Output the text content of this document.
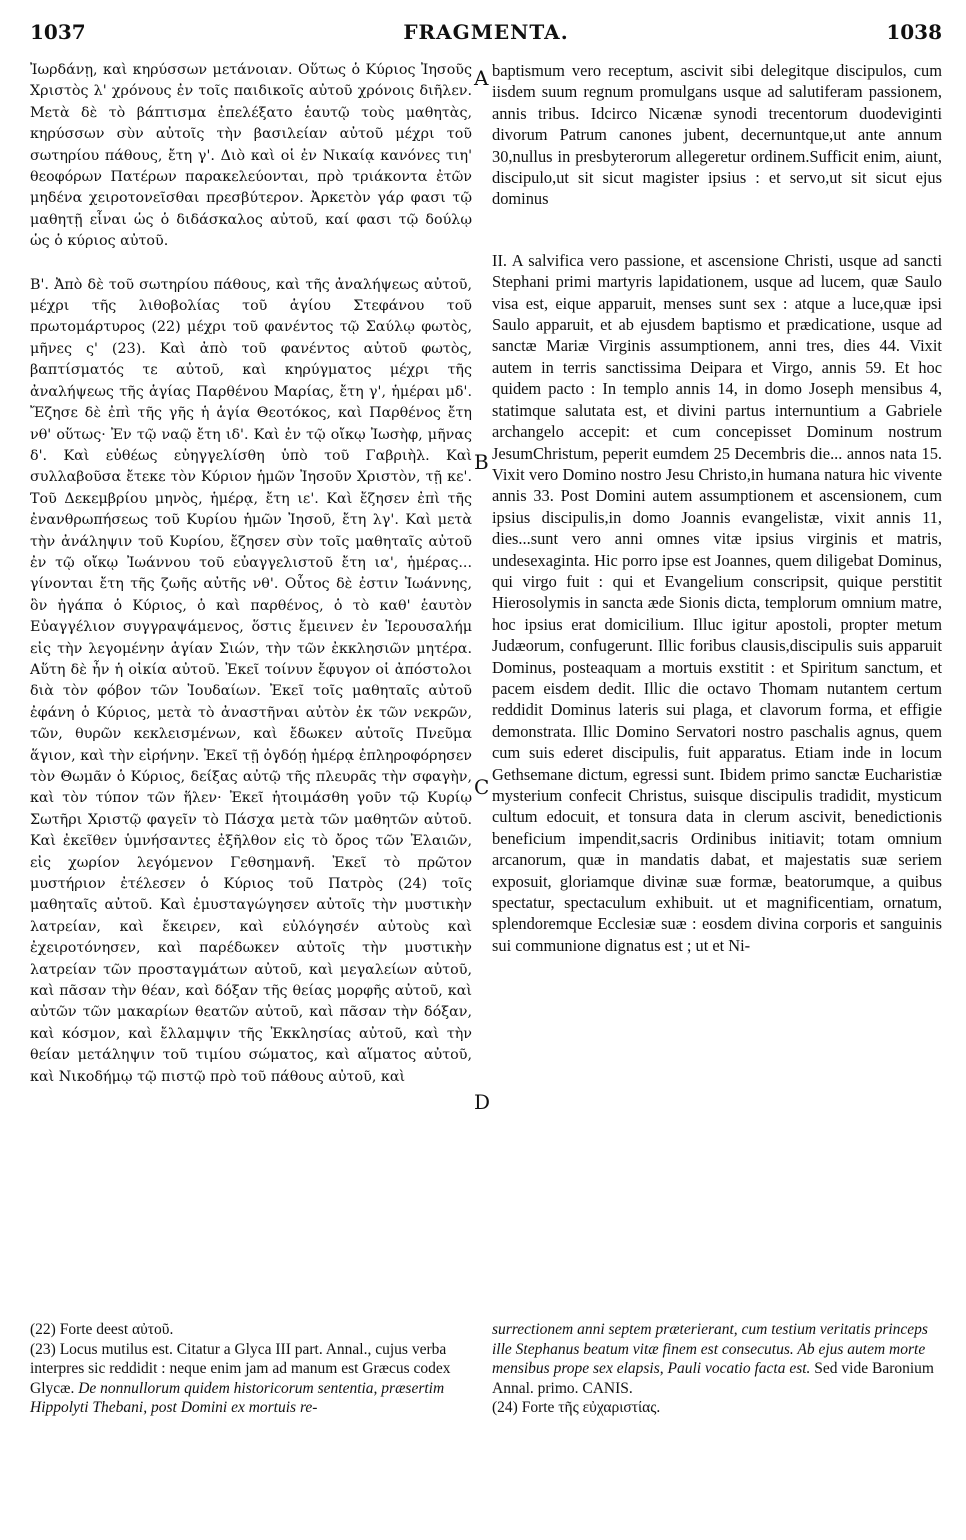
1037	FRAGMENTA.	1038

Ἰωρδάνῃ, καὶ κηρύσσων μετάνοιαν. Οὕτως ὁ Κύριος Ἰησοῦς Χριστὸς λ' χρόνους ἐν τοῖς παιδικοῖς αὐτοῦ χρόνοις διῆλεν. Μετὰ δὲ τὸ βάπτισμα ἐπελέξατο ἑαυτῷ τοὺς μαθητὰς, κηρύσσων σὺν αὐτοῖς τὴν βασιλείαν αὐτοῦ μέχρι τοῦ σωτηρίου πάθους, ἔτη γ'. Διὸ καὶ οἱ ἐν Νικαίᾳ κανόνες τιη' θεοφόρων Πατέρων παρακελεύονται, πρὸ τριάκοντα ἐτῶν μηδένα χειροτονεῖσθαι πρεσβύτερον. Ἀρκετὸν γάρ φασι τῷ μαθητῇ εἶναι ὡς ὁ διδάσκαλος αὐτοῦ, καί φασι τῷ δούλῳ ὡς ὁ κύριος αὐτοῦ.

Β'. Ἀπὸ δὲ τοῦ σωτηρίου πάθους, καὶ τῆς ἀναλήψεως αὐτοῦ, μέχρι τῆς λιθοβολίας τοῦ ἁγίου Στεφάνου τοῦ πρωτομάρτυρος (22) μέχρι τοῦ φανέντος τῷ Σαύλῳ φωτὸς, μῆνες ς' (23). Καὶ ἀπὸ τοῦ φανέντος αὐτοῦ φωτὸς, βαπτίσματός τε αὐτοῦ, καὶ κηρύγματος μέχρι τῆς ἀναλήψεως τῆς ἁγίας Παρθένου Μαρίας, ἔτη γ', ἡμέραι μδ'. Ἔζησε δὲ ἐπὶ τῆς γῆς ἡ ἁγία Θεοτόκος, καὶ Παρθένος ἔτη νθ' οὕτως· Ἐν τῷ ναῷ ἔτη ιδ'. Καὶ ἐν τῷ οἴκῳ Ἰωσὴφ, μῆνας δ'. Καὶ εὐθέως εὐηγγελίσθη ὑπὸ τοῦ Γαβριὴλ. Καὶ συλλαβοῦσα ἔτεκε τὸν Κύριον ἡμῶν Ἰησοῦν Χριστὸν, τῇ κε'. Τοῦ Δεκεμβρίου μηνὸς, ἡμέρᾳ, ἔτη ιε'. Καὶ ἔζησεν ἐπὶ τῆς ἐνανθρωπήσεως τοῦ Κυρίου ἡμῶν Ἰησοῦ, ἔτη λγ'. Καὶ μετὰ τὴν ἀνάληψιν τοῦ Κυρίου, ἔζησεν σὺν τοῖς μαθηταῖς αὐτοῦ ἐν τῷ οἴκῳ Ἰωάννου τοῦ εὐαγγελιστοῦ ἔτη ια', ἡμέρας... γίνονται ἔτη τῆς ζωῆς αὐτῆς νθ'. Οὗτος δὲ ἐστιν Ἰωάννης, ὃν ἠγάπα ὁ Κύριος, ὁ καὶ παρθένος, ὁ τὸ καθ' ἑαυτὸν Εὐαγγέλιον συγγραψάμενος, ὅστις ἔμεινεν ἐν Ἱερουσαλήμ εἰς τὴν λεγομένην ἁγίαν Σιών, τὴν τῶν ἐκκλησιῶν μητέρα. Αὕτη δὲ ἦν ἡ οἰκία αὐτοῦ. Ἐκεῖ τοίνυν ἔφυγον οἱ ἀπόστολοι διὰ τὸν φόβον τῶν Ἰουδαίων. Ἐκεῖ τοῖς μαθηταῖς αὐτοῦ ἐφάνη ὁ Κύριος, μετὰ τὸ ἀναστῆναι αὐτὸν ἐκ τῶν νεκρῶν, τῶν, θυρῶν κεκλεισμένων, καὶ ἔδωκεν αὐτοῖς Πνεῦμα ἅγιον, καὶ τὴν εἰρήνην. Ἐκεῖ τῇ ὀγδόῃ ἡμέρᾳ ἐπληροφόρησεν τὸν Θωμᾶν ὁ Κύριος, δείξας αὐτῷ τῆς πλευρᾶς τὴν σφαγὴν, καὶ τὸν τύπον τῶν ἥλεν· Ἐκεῖ ἡτοιμάσθη γοῦν τῷ Κυρίῳ Σωτῆρι Χριστῷ φαγεῖν τὸ Πάσχα μετὰ τῶν μαθητῶν αὐτοῦ. Καὶ ἐκεῖθεν ὑμνήσαντες ἐξῆλθον εἰς τὸ ὄρος τῶν Ἐλαιῶν, εἰς χωρίον λεγόμενον Γεθσημανῆ. Ἐκεῖ τὸ πρῶτον μυστήριον ἐτέλεσεν ὁ Κύριος τοῦ Πατρὸς (24) τοῖς μαθηταῖς αὐτοῦ. Καὶ ἐμυσταγώγησεν αὐτοῖς τὴν μυστικὴν λατρείαν, καὶ ἔκειρεν, καὶ εὐλόγησέν αὐτοὺς καὶ ἐχειροτόνησεν, καὶ παρέδωκεν αὐτοῖς τὴν μυστικὴν λατρείαν τῶν προσταγμάτων αὐτοῦ, καὶ μεγαλείων αὐτοῦ, καὶ πᾶσαν τὴν θέαν, καὶ δόξαν τῆς θείας μορφῆς αὐτοῦ, καὶ αὐτῶν τῶν μακαρίων θεατῶν αὐτοῦ, καὶ πᾶσαν τὴν δόξαν, καὶ κόσμον, καὶ ἔλλαμψιν τῆς Ἐκκλησίας αὐτοῦ, καὶ τὴν θείαν μετάληψιν τοῦ τιμίου σώματος, καὶ αἵματος αὐτοῦ, καὶ Νικοδήμῳ τῷ πιστῷ πρὸ τοῦ πάθους αὐτοῦ, καὶ

A
B
C
D

baptismum vero receptum, ascivit sibi delegitque discipulos, cum iisdem suum regnum promulgans usque ad salutiferam passionem, annis tribus. Idcirco Nicænæ synodi trecentorum duodeviginti divorum Patrum canones jubent, decernuntque,ut ante annum 30,nullus in presbyterorum allegeretur ordinem.Sufficit enim, aiunt, discipulo,ut sit sicut magister ipsius : et servo,ut sit sicut ejus dominus

II. A salvifica vero passione, et ascensione Christi, usque ad sancti Stephani primi martyris lapidationem, usque ad lucem, quæ Saulo visa est, eique apparuit, menses sunt sex : atque a luce,quæ ipsi Saulo apparuit, et ab ejusdem baptismo et prædicatione, usque ad sanctæ Mariæ Virginis assumptionem, anni tres, dies 44. Vixit autem in terris sanctissima Deipara et Virgo, annis 59. Et hoc quidem pacto : In templo annis 14, in domo Joseph mensibus 4, statimque salutata est, et divini partus internuntium a Gabriele archangelo accepit: et cum concepisset Dominum nostrum JesumChristum, peperit eumdem 25 Decembris die... annos nata 15. Vixit vero Domino nostro Jesu Christo,in humana natura hic vivente annis 33. Post Domini autem assumptionem et ascensionem, cum ipsius discipulis,in domo Joannis evangelistæ, vixit annis 11, dies...sunt vero anni omnes vitæ ipsius virginis et matris, undesexaginta. Hic porro ipse est Joannes, quem diligebat Dominus, qui virgo fuit : qui et Evangelium conscripsit, quique perstitit Hierosolymis in sancta æde Sionis dicta, templorum omnium matre, hoc ipsius erat domicilium. Illuc igitur apostoli, propter metum Judæorum, confugerunt. Illic foribus clausis,discipulis suis apparuit Dominus, posteaquam a mortuis exstitit : et Spiritum sanctum, et pacem eisdem dedit. Illic die octavo Thomam nutantem certum reddidit Dominus lateris sui plaga, et clavorum forma, et effigie demonstrata. Illic Domino Servatori nostro paschalis agnus, quem cum suis ederet discipulis, fuit apparatus. Etiam inde in locum Gethsemane dictum, egressi sunt. Ibidem primo sanctæ Eucharistiæ mysterium confecit Christus, suisque discipulis tradidit, mysticum cultum edocuit, et tonsura data in clerum ascivit, benedictionis beneficium impendit,sacris Ordinibus initiavit; totam omnium arcanorum, quæ in mandatis dabat, et majestatis suæ seriem exposuit, gloriamque divinæ suæ formæ, beatorumque, a quibus spectatur, spectaculum exhibuit. ut et magnificentiam, ornatum, splendoremque Ecclesiæ suæ : eosdem divina corporis et sanguinis sui communione dignatus est ; ut et Ni-

(22) Forte deest αὐτοῦ.

(23) Locus mutilus est. Citatur a Glyca III part. Annal., cujus verba interpres sic reddidit : neque enim jam ad manum est Græcus codex Glycæ. De nonnullorum quidem historicorum sententia, præsertim Hippolyti Thebani, post Domini ex mortuis re-

surrectionem anni septem præterierant, cum testium veritatis princeps ille Stephanus beatum vitæ finem est consecutus. Ab ejus autem morte mensibus prope sex elapsis, Pauli vocatio facta est. Sed vide Baronium Annal. primo. CANIS.

(24) Forte τῆς εὐχαριστίας.
